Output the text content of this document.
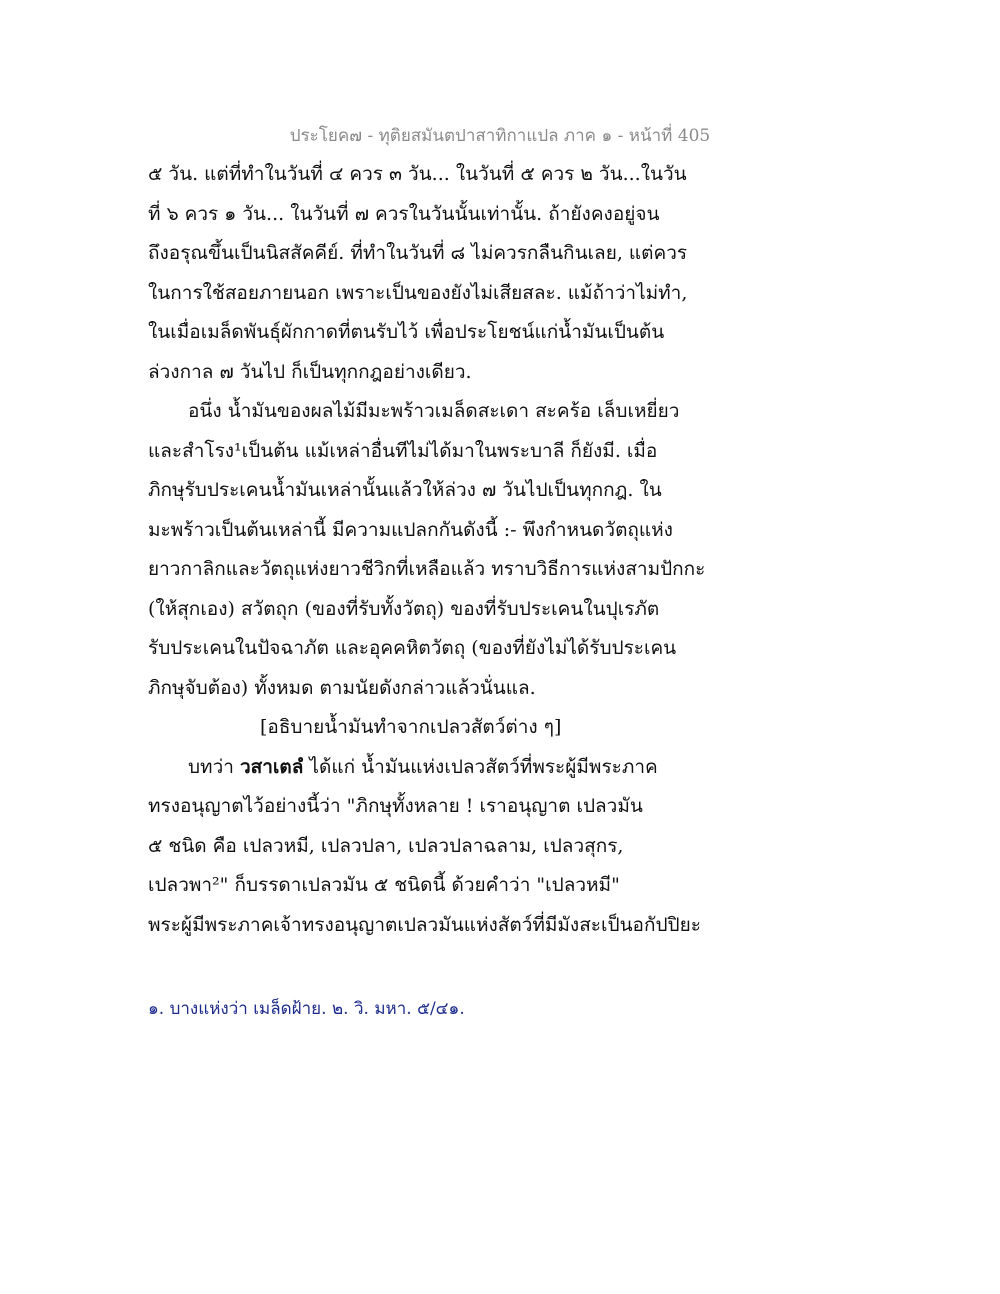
ประโยค๗ - ทุติยสมันตปาสาทิกาแปล ภาค ๑ - หน้าที่ 405
๕ วัน. แต่ที่ทำในวันที่ ๔ ควร ๓ วัน... ในวันที่ ๕ ควร ๒ วัน...ในวัน
ที่ ๖ ควร ๑ วัน... ในวันที่ ๗ ควรในวันนั้นเท่านั้น. ถ้ายังคงอยู่จน
ถึงอรุณขึ้นเป็นนิสสัคคีย์. ที่ทำในวันที่ ๘ ไม่ควรกลืนกินเลย, แต่ควร
ในการใช้สอยภายนอก เพราะเป็นของยังไม่เสียสละ. แม้ถ้าว่าไม่ทำ,
ในเมื่อเมล็ดพันธุ์ผักกาดที่ตนรับไว้ เพื่อประโยชน์แก่น้ำมันเป็นต้น
ล่วงกาล ๗ วันไป ก็เป็นทุกกฎอย่างเดียว.
อนึ่ง น้ำมันของผลไม้มีมะพร้าวเมล็ดสะเดา สะคร้อ เล็บเหยี่ยว
และสำโรง¹เป็นต้น แม้เหล่าอื่นทีไม่ได้มาในพระบาลี ก็ยังมี. เมื่อ
ภิกษุรับประเคนน้ำมันเหล่านั้นแล้วให้ล่วง ๗ วันไปเป็นทุกกฎ. ใน
มะพร้าวเป็นต้นเหล่านี้ มีความแปลกกันดังนี้ :- พึงกำหนดวัตถุแห่ง
ยาวกาลิกและวัตถุแห่งยาวชีวิกที่เหลือแล้ว ทราบวิธีการแห่งสามปักกะ
(ให้สุกเอง) สวัตถุก (ของที่รับทั้งวัตถุ) ของที่รับประเคนในปุเรภัต
รับประเคนในปัจฉาภัต และอุคคหิตวัตถุ (ของที่ยังไม่ได้รับประเคน
ภิกษุจับต้อง) ทั้งหมด ตามนัยดังกล่าวแล้วนั่นแล.
[อธิบายน้ำมันทำจากเปลวสัตว์ต่าง ๆ]
บทว่า วสาเตลํ ได้แก่ น้ำมันแห่งเปลวสัตว์ที่พระผู้มีพระภาค
ทรงอนุญาตไว้อย่างนี้ว่า "ภิกษุทั้งหลาย ! เราอนุญาต เปลวมัน
๕ ชนิด คือ เปลวหมี, เปลวปลา, เปลวปลาฉลาม, เปลวสุกร,
เปลวพา²" ก็บรรดาเปลวมัน ๕ ชนิดนี้ ด้วยคำว่า "เปลวหมี"
พระผู้มีพระภาคเจ้าทรงอนุญาตเปลวมันแห่งสัตว์ที่มีมังสะเป็นอกัปปิยะ
๑. บางแห่งว่า เมล็ดฝ้าย. ๒. วิ. มหา. ๕/๔๑.
